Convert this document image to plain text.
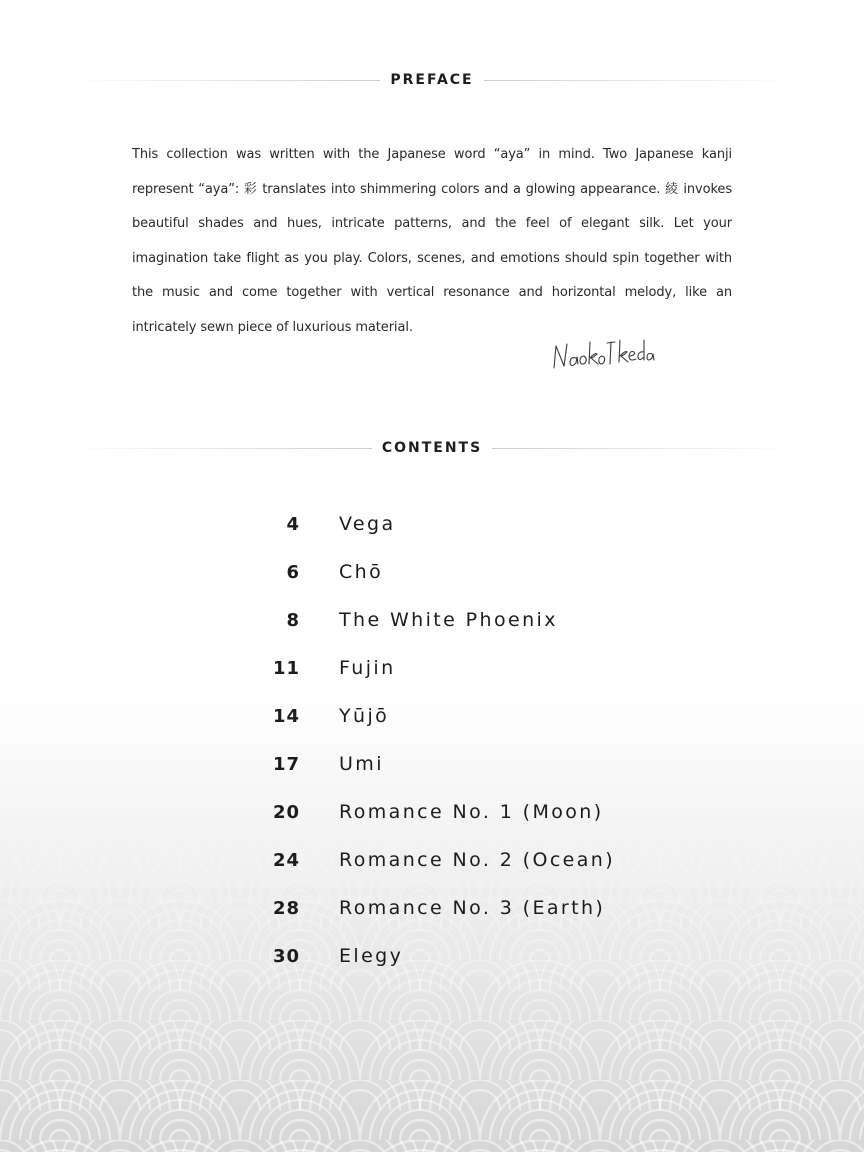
PREFACE
This collection was written with the Japanese word “aya” in mind. Two Japanese kanji represent “aya”: 彩 translates into shimmering colors and a glowing appearance. 綾 invokes beautiful shades and hues, intricate patterns, and the feel of elegant silk. Let your imagination take flight as you play. Colors, scenes, and emotions should spin together with the music and come together with vertical resonance and horizontal melody, like an intricately sewn piece of luxurious material.
CONTENTS
4 Vega
6 Chō
8 The White Phoenix
11 Fujin
14 Yūjō
17 Umi
20 Romance No. 1 (Moon)
24 Romance No. 2 (Ocean)
28 Romance No. 3 (Earth)
30 Elegy
